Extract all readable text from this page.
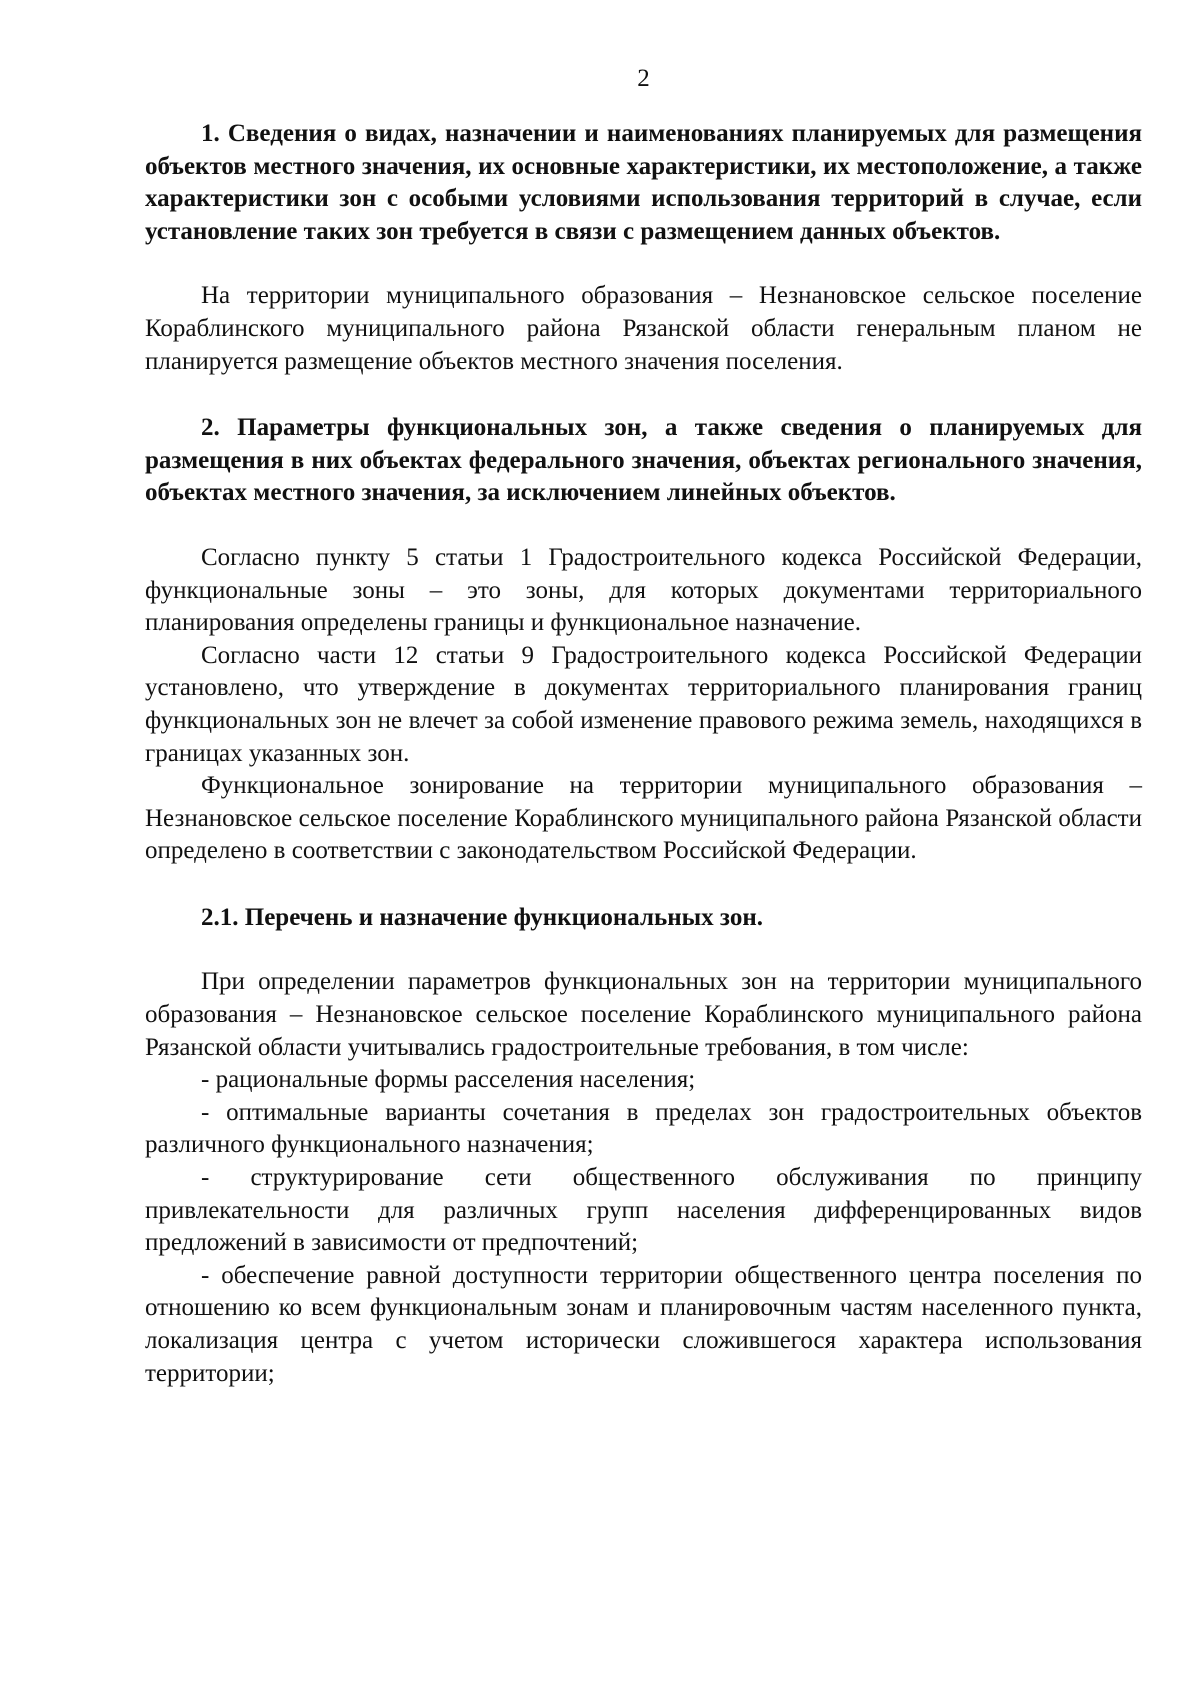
2

1. Сведения о видах, назначении и наименованиях планируемых для размещения объектов местного значения, их основные характеристики, их местоположение, а также характеристики зон с особыми условиями использования территорий в случае, если установление таких зон требуется в связи с размещением данных объектов.

На территории муниципального образования – Незнановское сельское поселение Кораблинского муниципального района Рязанской области генеральным планом не планируется размещение объектов местного значения поселения.

2. Параметры функциональных зон, а также сведения о планируемых для размещения в них объектах федерального значения, объектах регионального значения, объектах местного значения, за исключением линейных объектов.

Согласно пункту 5 статьи 1 Градостроительного кодекса Российской Федерации, функциональные зоны – это зоны, для которых документами территориального планирования определены границы и функциональное назначение.

Согласно части 12 статьи 9 Градостроительного кодекса Российской Федерации установлено, что утверждение в документах территориального планирования границ функциональных зон не влечет за собой изменение правового режима земель, находящихся в границах указанных зон.

Функциональное зонирование на территории муниципального образования – Незнановское сельское поселение Кораблинского муниципального района Рязанской области определено в соответствии с законодательством Российской Федерации.

2.1. Перечень и назначение функциональных зон.

При определении параметров функциональных зон на территории муниципального образования – Незнановское сельское поселение Кораблинского муниципального района Рязанской области учитывались градостроительные требования, в том числе:

- рациональные формы расселения населения;

- оптимальные варианты сочетания в пределах зон градостроительных объектов различного функционального назначения;

- структурирование сети общественного обслуживания по принципу привлекательности для различных групп населения дифференцированных видов предложений в зависимости от предпочтений;

- обеспечение равной доступности территории общественного центра поселения по отношению ко всем функциональным зонам и планировочным частям населенного пункта, локализация центра с учетом исторически сложившегося характера использования территории;
